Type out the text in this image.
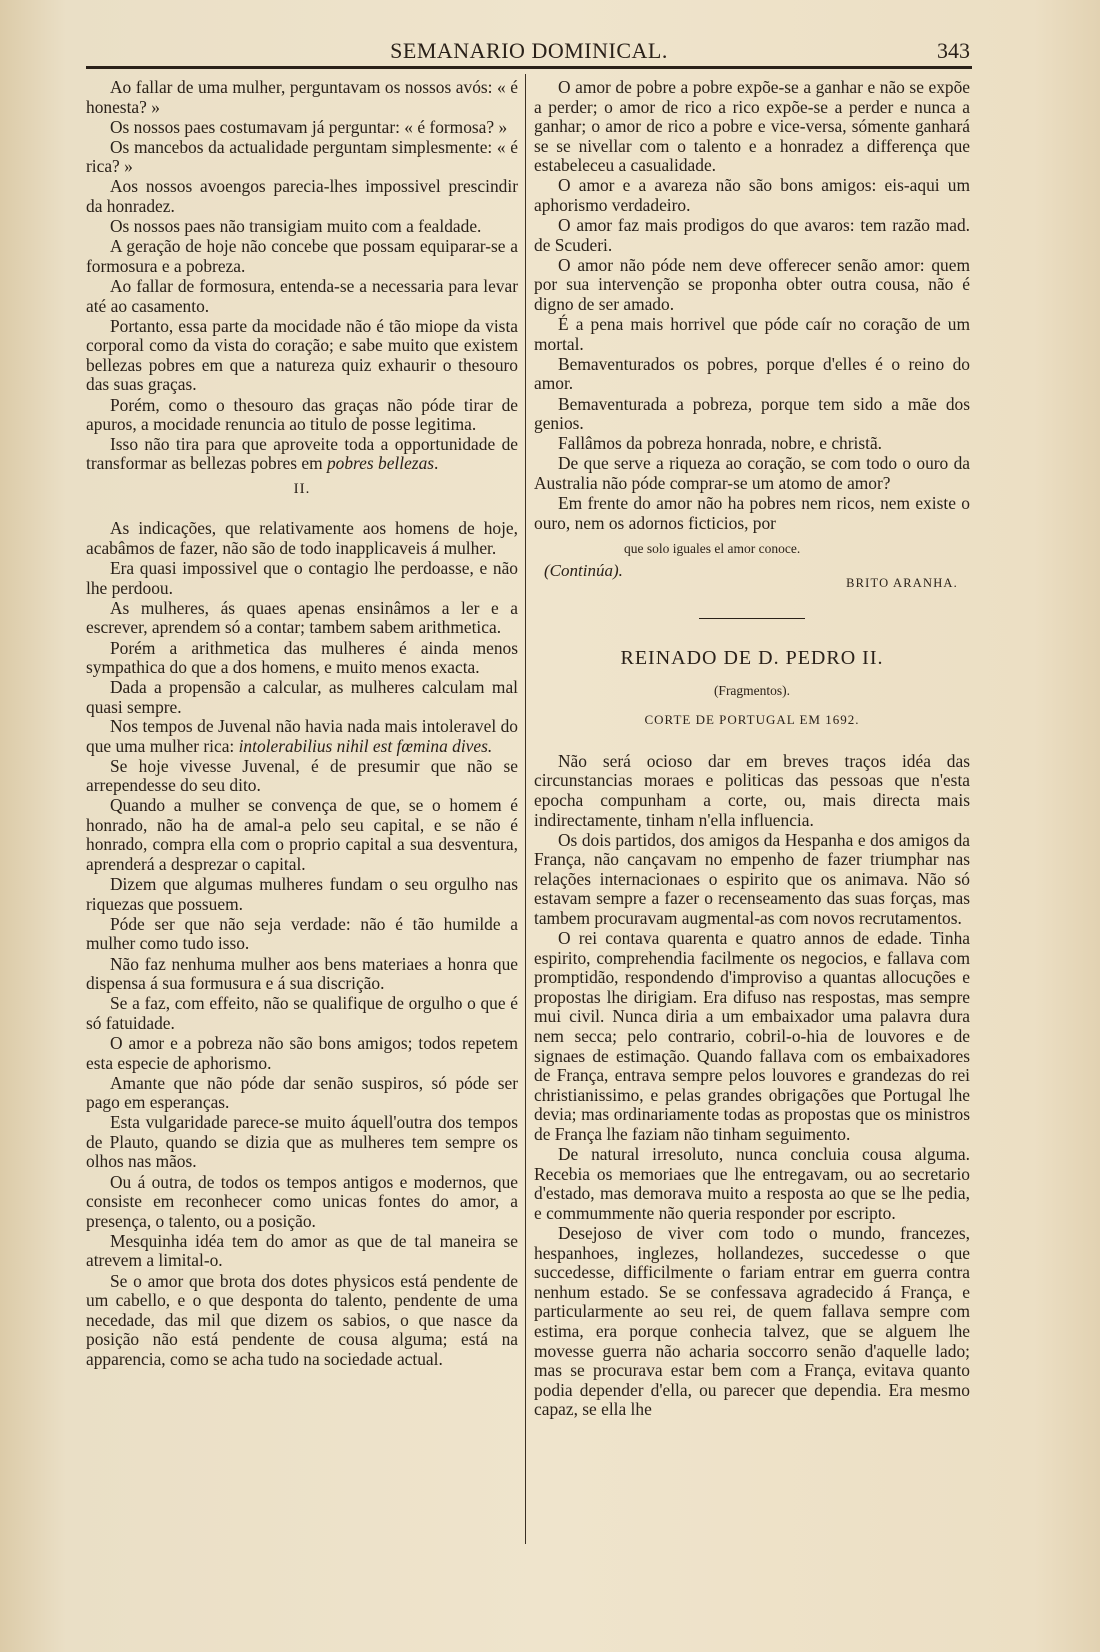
SEMANARIO DOMINICAL.	343

Ao fallar de uma mulher, perguntavam os nossos avós: « é honesta? »

Os nossos paes costumavam já perguntar: « é formosa? »

Os mancebos da actualidade perguntam simplesmente: « é rica? »

Aos nossos avoengos parecia-lhes impossivel prescindir da honradez.

Os nossos paes não transigiam muito com a fealdade.

A geração de hoje não concebe que possam equiparar-se a formosura e a pobreza.

Ao fallar de formosura, entenda-se a necessaria para levar até ao casamento.

Portanto, essa parte da mocidade não é tão miope da vista corporal como da vista do coração; e sabe muito que existem bellezas pobres em que a natureza quiz exhaurir o thesouro das suas graças.

Porém, como o thesouro das graças não póde tirar de apuros, a mocidade renuncia ao titulo de posse legitima.

Isso não tira para que aproveite toda a opportunidade de transformar as bellezas pobres em pobres bellezas.

II.

As indicações, que relativamente aos homens de hoje, acabâmos de fazer, não são de todo inapplicaveis á mulher.

Era quasi impossivel que o contagio lhe perdoasse, e não lhe perdoou.

As mulheres, ás quaes apenas ensinâmos a ler e a escrever, aprendem só a contar; tambem sabem arithmetica.

Porém a arithmetica das mulheres é ainda menos sympathica do que a dos homens, e muito menos exacta.

Dada a propensão a calcular, as mulheres calculam mal quasi sempre.

Nos tempos de Juvenal não havia nada mais intoleravel do que uma mulher rica: intolerabilius nihil est fœmina dives.

Se hoje vivesse Juvenal, é de presumir que não se arrependesse do seu dito.

Quando a mulher se convença de que, se o homem é honrado, não ha de amal-a pelo seu capital, e se não é honrado, compra ella com o proprio capital a sua desventura, aprenderá a desprezar o capital.

Dizem que algumas mulheres fundam o seu orgulho nas riquezas que possuem.

Póde ser que não seja verdade: não é tão humilde a mulher como tudo isso.

Não faz nenhuma mulher aos bens materiaes a honra que dispensa á sua formusura e á sua discrição.

Se a faz, com effeito, não se qualifique de orgulho o que é só fatuidade.

O amor e a pobreza não são bons amigos; todos repetem esta especie de aphorismo.

Amante que não póde dar senão suspiros, só póde ser pago em esperanças.

Esta vulgaridade parece-se muito áquell'outra dos tempos de Plauto, quando se dizia que as mulheres tem sempre os olhos nas mãos.

Ou á outra, de todos os tempos antigos e modernos, que consiste em reconhecer como unicas fontes do amor, a presença, o talento, ou a posição.

Mesquinha idéa tem do amor as que de tal maneira se atrevem a limital-o.

Se o amor que brota dos dotes physicos está pendente de um cabello, e o que desponta do talento, pendente de uma necedade, das mil que dizem os sabios, o que nasce da posição não está pendente de cousa alguma; está na apparencia, como se acha tudo na sociedade actual.

O amor de pobre a pobre expõe-se a ganhar e não se expõe a perder; o amor de rico a rico expõe-se a perder e nunca a ganhar; o amor de rico a pobre e vice-versa, sómente ganhará se se nivellar com o talento e a honradez a differença que estabeleceu a casualidade.

O amor e a avareza não são bons amigos: eis-aqui um aphorismo verdadeiro.

O amor faz mais prodigos do que avaros: tem razão mad. de Scuderi.

O amor não póde nem deve offerecer senão amor: quem por sua intervenção se proponha obter outra cousa, não é digno de ser amado.

É a pena mais horrivel que póde caír no coração de um mortal.

Bemaventurados os pobres, porque d'elles é o reino do amor.

Bemaventurada a pobreza, porque tem sido a mãe dos genios.

Fallâmos da pobreza honrada, nobre, e christã.

De que serve a riqueza ao coração, se com todo o ouro da Australia não póde comprar-se um atomo de amor?

Em frente do amor não ha pobres nem ricos, nem existe o ouro, nem os adornos ficticios, por

que solo iguales el amor conoce.
(Continúa).
BRITO ARANHA.
REINADO DE D. PEDRO II.
(Fragmentos).
CORTE DE PORTUGAL EM 1692.

Não será ocioso dar em breves traços idéa das circunstancias moraes e politicas das pessoas que n'esta epocha compunham a corte, ou, mais directa mais indirectamente, tinham n'ella influencia.

Os dois partidos, dos amigos da Hespanha e dos amigos da França, não cançavam no empenho de fazer triumphar nas relações internacionaes o espirito que os animava. Não só estavam sempre a fazer o recenseamento das suas forças, mas tambem procuravam augmental-as com novos recrutamentos.

O rei contava quarenta e quatro annos de edade. Tinha espirito, comprehendia facilmente os negocios, e fallava com promptidão, respondendo d'improviso a quantas allocuções e propostas lhe dirigiam. Era difuso nas respostas, mas sempre mui civil. Nunca diria a um embaixador uma palavra dura nem secca; pelo contrario, cobril-o-hia de louvores e de signaes de estimação. Quando fallava com os embaixadores de França, entrava sempre pelos louvores e grandezas do rei christianissimo, e pelas grandes obrigações que Portugal lhe devia; mas ordinariamente todas as propostas que os ministros de França lhe faziam não tinham seguimento.

De natural irresoluto, nunca concluia cousa alguma. Recebia os memoriaes que lhe entregavam, ou ao secretario d'estado, mas demorava muito a resposta ao que se lhe pedia, e commummente não queria responder por escripto.

Desejoso de viver com todo o mundo, francezes, hespanhoes, inglezes, hollandezes, succedesse o que succedesse, difficilmente o fariam entrar em guerra contra nenhum estado. Se se confessava agradecido á França, e particularmente ao seu rei, de quem fallava sempre com estima, era porque conhecia talvez, que se alguem lhe movesse guerra não acharia soccorro senão d'aquelle lado; mas se procurava estar bem com a França, evitava quanto podia depender d'ella, ou parecer que dependia. Era mesmo capaz, se ella lhe
